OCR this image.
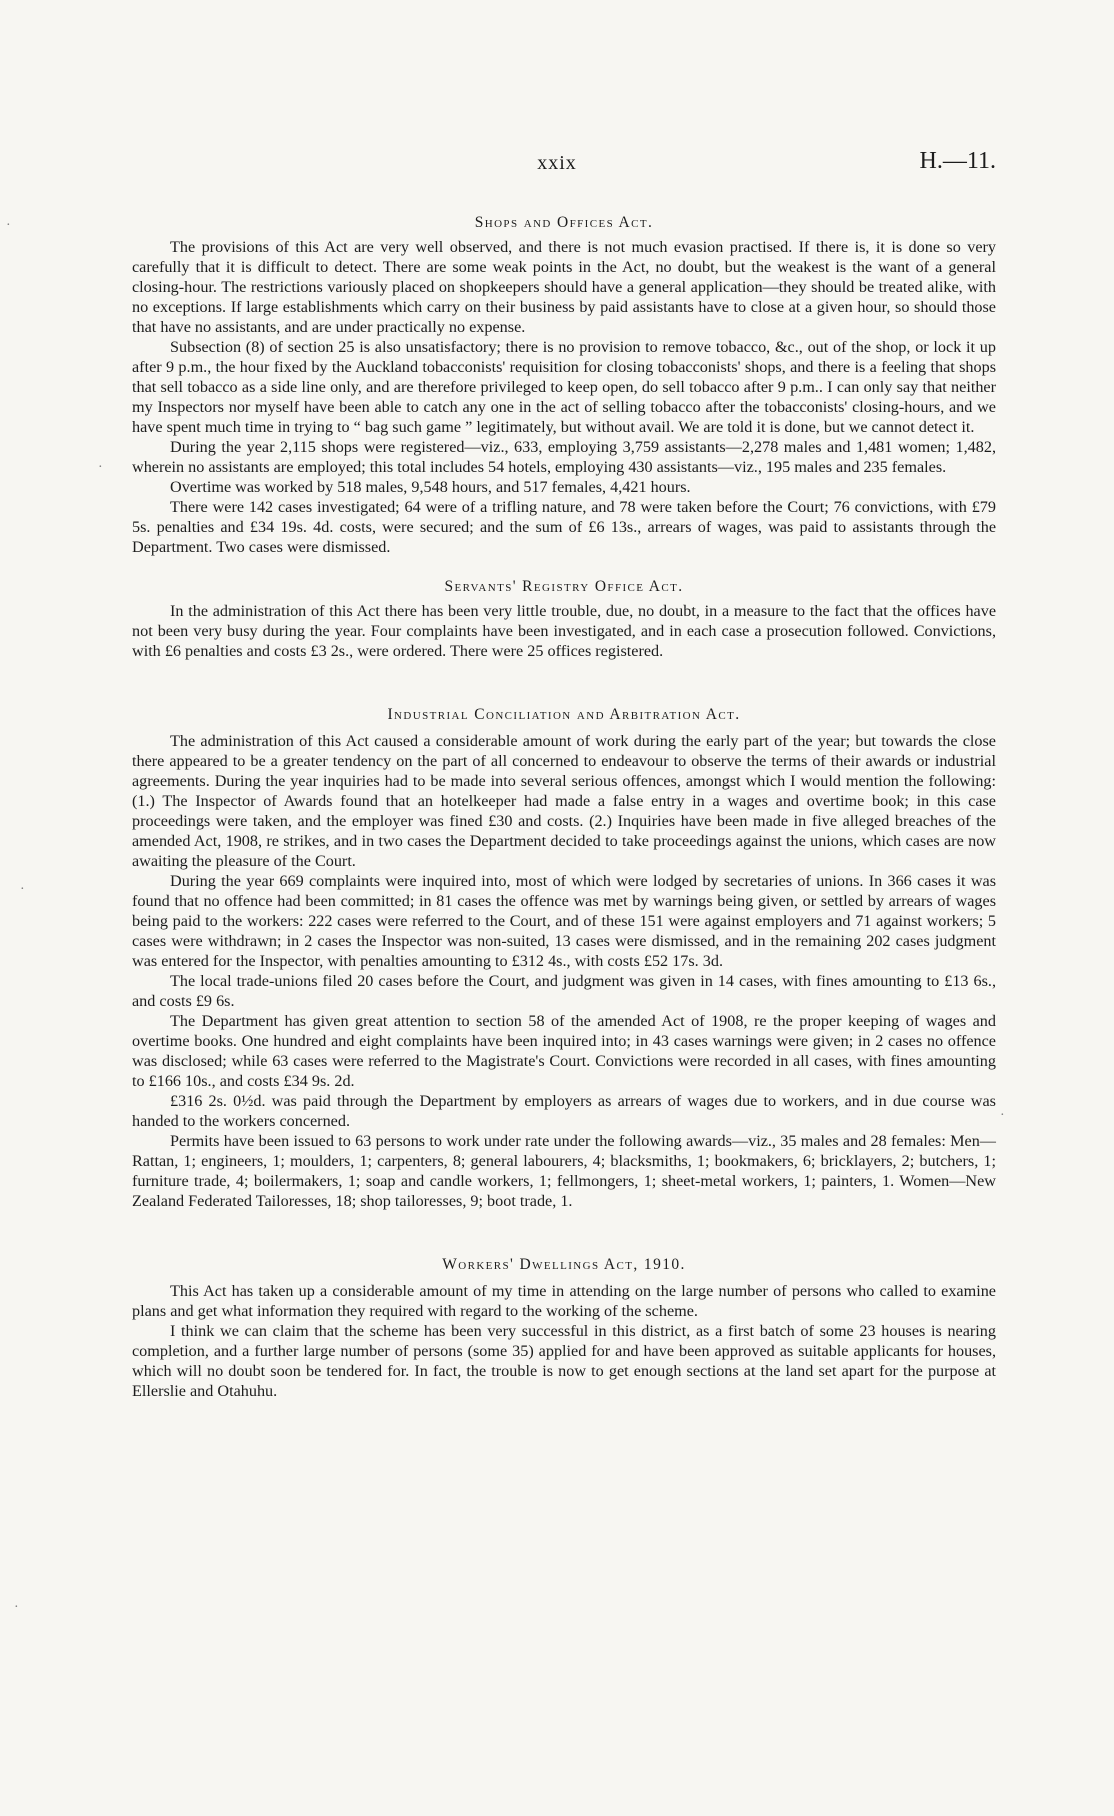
xxix	H.—11.
Shops and Offices Act.

The provisions of this Act are very well observed, and there is not much evasion practised. If there is, it is done so very carefully that it is difficult to detect. There are some weak points in the Act, no doubt, but the weakest is the want of a general closing-hour. The restrictions variously placed on shopkeepers should have a general application—they should be treated alike, with no exceptions. If large establishments which carry on their business by paid assistants have to close at a given hour, so should those that have no assistants, and are under practically no expense.

Subsection (8) of section 25 is also unsatisfactory; there is no provision to remove tobacco, &c., out of the shop, or lock it up after 9 p.m., the hour fixed by the Auckland tobacconists' requisition for closing tobacconists' shops, and there is a feeling that shops that sell tobacco as a side line only, and are therefore privileged to keep open, do sell tobacco after 9 p.m.. I can only say that neither my Inspectors nor myself have been able to catch any one in the act of selling tobacco after the tobacconists' closing-hours, and we have spent much time in trying to “ bag such game ” legitimately, but without avail. We are told it is done, but we cannot detect it.

During the year 2,115 shops were registered—viz., 633, employing 3,759 assistants—2,278 males and 1,481 women; 1,482, wherein no assistants are employed; this total includes 54 hotels, employing 430 assistants—viz., 195 males and 235 females.

Overtime was worked by 518 males, 9,548 hours, and 517 females, 4,421 hours.

There were 142 cases investigated; 64 were of a trifling nature, and 78 were taken before the Court; 76 convictions, with £79 5s. penalties and £34 19s. 4d. costs, were secured; and the sum of £6 13s., arrears of wages, was paid to assistants through the Department. Two cases were dismissed.

Servants' Registry Office Act.

In the administration of this Act there has been very little trouble, due, no doubt, in a measure to the fact that the offices have not been very busy during the year. Four complaints have been investigated, and in each case a prosecution followed. Convictions, with £6 penalties and costs £3 2s., were ordered. There were 25 offices registered.

Industrial Conciliation and Arbitration Act.

The administration of this Act caused a considerable amount of work during the early part of the year; but towards the close there appeared to be a greater tendency on the part of all concerned to endeavour to observe the terms of their awards or industrial agreements. During the year inquiries had to be made into several serious offences, amongst which I would mention the following: (1.) The Inspector of Awards found that an hotelkeeper had made a false entry in a wages and overtime book; in this case proceedings were taken, and the employer was fined £30 and costs. (2.) Inquiries have been made in five alleged breaches of the amended Act, 1908, re strikes, and in two cases the Department decided to take proceedings against the unions, which cases are now awaiting the pleasure of the Court.

During the year 669 complaints were inquired into, most of which were lodged by secretaries of unions. In 366 cases it was found that no offence had been committed; in 81 cases the offence was met by warnings being given, or settled by arrears of wages being paid to the workers: 222 cases were referred to the Court, and of these 151 were against employers and 71 against workers; 5 cases were withdrawn; in 2 cases the Inspector was non-suited, 13 cases were dismissed, and in the remaining 202 cases judgment was entered for the Inspector, with penalties amounting to £312 4s., with costs £52 17s. 3d.

The local trade-unions filed 20 cases before the Court, and judgment was given in 14 cases, with fines amounting to £13 6s., and costs £9 6s.

The Department has given great attention to section 58 of the amended Act of 1908, re the proper keeping of wages and overtime books. One hundred and eight complaints have been inquired into; in 43 cases warnings were given; in 2 cases no offence was disclosed; while 63 cases were referred to the Magistrate's Court. Convictions were recorded in all cases, with fines amounting to £166 10s., and costs £34 9s. 2d.

£316 2s. 0½d. was paid through the Department by employers as arrears of wages due to workers, and in due course was handed to the workers concerned.

Permits have been issued to 63 persons to work under rate under the following awards—viz., 35 males and 28 females: Men—Rattan, 1; engineers, 1; moulders, 1; carpenters, 8; general labourers, 4; blacksmiths, 1; bookmakers, 6; bricklayers, 2; butchers, 1; furniture trade, 4; boilermakers, 1; soap and candle workers, 1; fellmongers, 1; sheet-metal workers, 1; painters, 1. Women—New Zealand Federated Tailoresses, 18; shop tailoresses, 9; boot trade, 1.

Workers' Dwellings Act, 1910.

This Act has taken up a considerable amount of my time in attending on the large number of persons who called to examine plans and get what information they required with regard to the working of the scheme.

I think we can claim that the scheme has been very successful in this district, as a first batch of some 23 houses is nearing completion, and a further large number of persons (some 35) applied for and have been approved as suitable applicants for houses, which will no doubt soon be tendered for. In fact, the trouble is now to get enough sections at the land set apart for the purpose at Ellerslie and Otahuhu.

·
·
·
·
·
